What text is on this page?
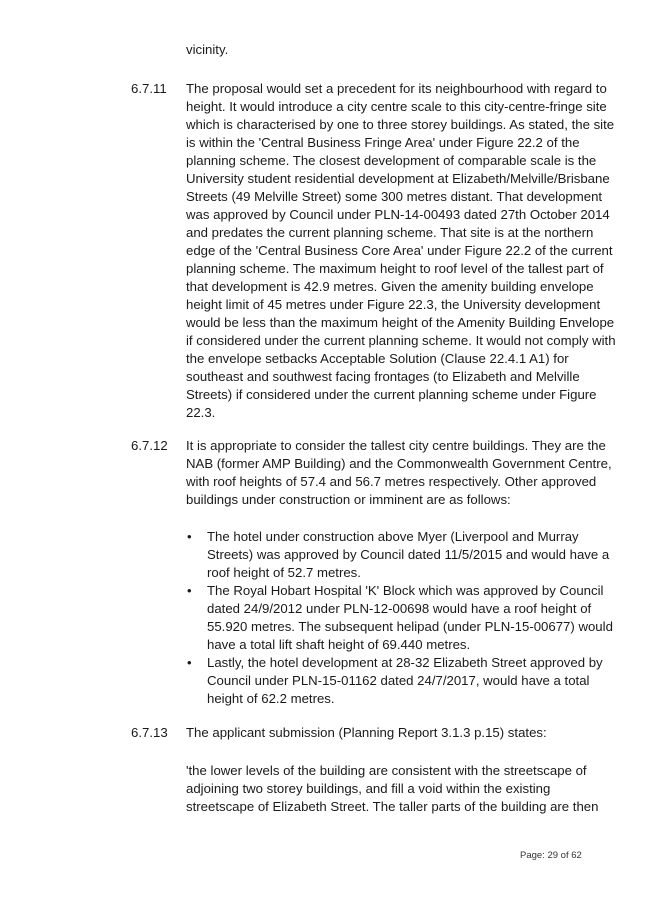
vicinity.
6.7.11 The proposal would set a precedent for its neighbourhood with regard to
height. It would introduce a city centre scale to this city-centre-fringe site
which is characterised by one to three storey buildings. As stated, the site
is within the 'Central Business Fringe Area' under Figure 22.2 of the
planning scheme. The closest development of comparable scale is the
University student residential development at Elizabeth/Melville/Brisbane
Streets (49 Melville Street) some 300 metres distant. That development
was approved by Council under PLN-14-00493 dated 27th October 2014
and predates the current planning scheme. That site is at the northern
edge of the 'Central Business Core Area' under Figure 22.2 of the current
planning scheme. The maximum height to roof level of the tallest part of
that development is 42.9 metres. Given the amenity building envelope
height limit of 45 metres under Figure 22.3, the University development
would be less than the maximum height of the Amenity Building Envelope
if considered under the current planning scheme. It would not comply with
the envelope setbacks Acceptable Solution (Clause 22.4.1 A1) for
southeast and southwest facing frontages (to Elizabeth and Melville
Streets) if considered under the current planning scheme under Figure
22.3.
6.7.12 It is appropriate to consider the tallest city centre buildings. They are the
NAB (former AMP Building) and the Commonwealth Government Centre,
with roof heights of 57.4 and 56.7 metres respectively. Other approved
buildings under construction or imminent are as follows:
• The hotel under construction above Myer (Liverpool and Murray
Streets) was approved by Council dated 11/5/2015 and would have a
roof height of 52.7 metres.
• The Royal Hobart Hospital 'K' Block which was approved by Council
dated 24/9/2012 under PLN-12-00698 would have a roof height of
55.920 metres. The subsequent helipad (under PLN-15-00677) would
have a total lift shaft height of 69.440 metres.
• Lastly, the hotel development at 28-32 Elizabeth Street approved by
Council under PLN-15-01162 dated 24/7/2017, would have a total
height of 62.2 metres.
6.7.13 The applicant submission (Planning Report 3.1.3 p.15) states:
'the lower levels of the building are consistent with the streetscape of
adjoining two storey buildings, and fill a void within the existing
streetscape of Elizabeth Street. The taller parts of the building are then
Page: 29 of 62
